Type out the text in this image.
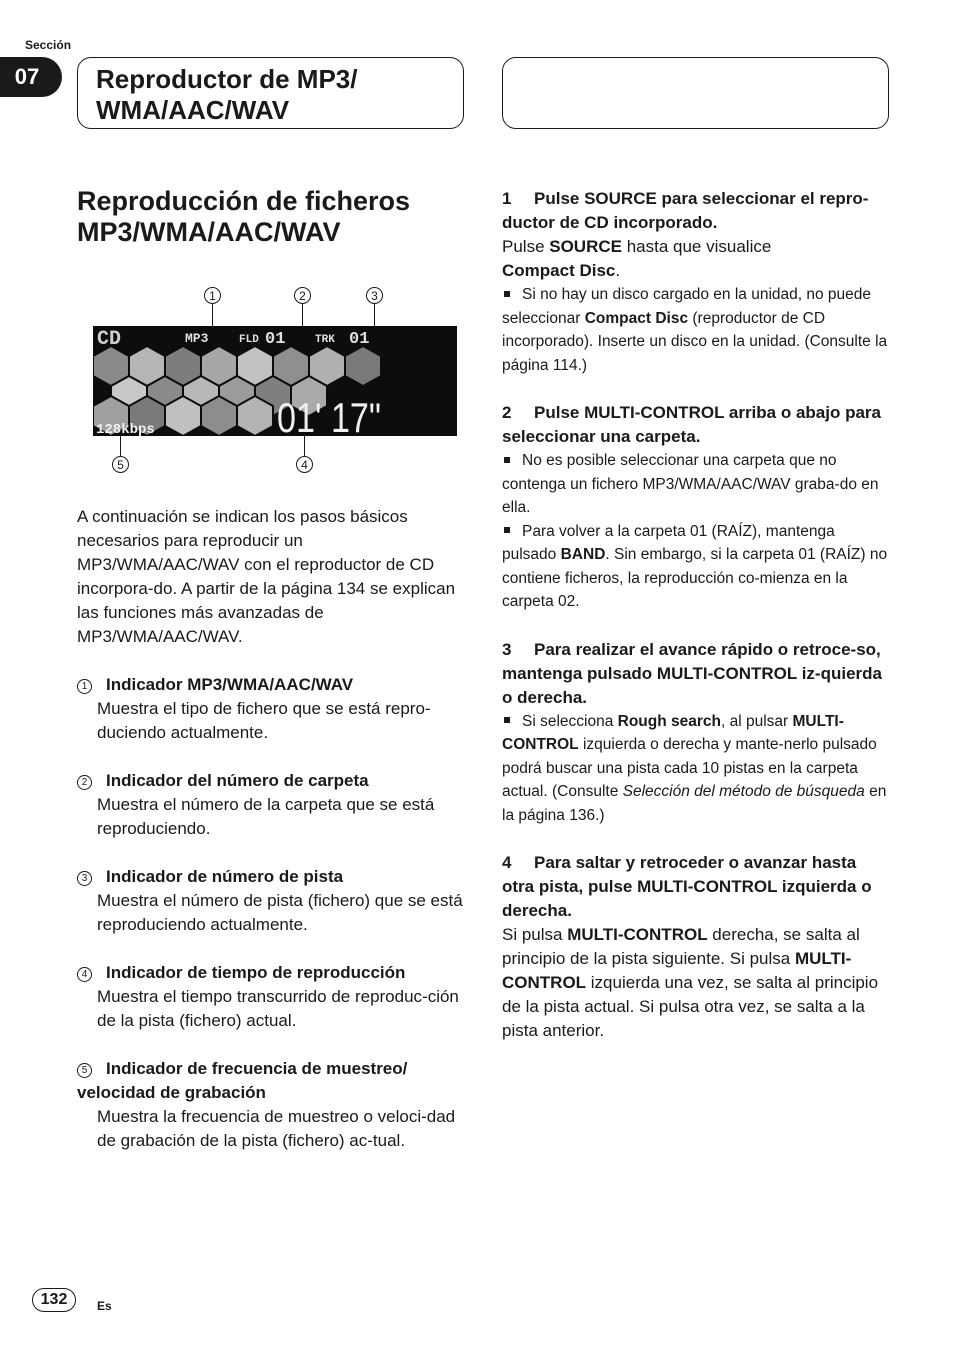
Sección
07	Reproductor de MP3/
WMA/AAC/WAV
Reproducción de ficheros
MP3/WMA/AAC/WAV
1	2	3
CD	MP3	FLD 01	TRK 01
01' 17"
128kbps
5	4

A continuación se indican los pasos básicos necesarios para reproducir un MP3/WMA/AAC/WAV con el reproductor de CD incorpora-do. A partir de la página 134 se explican las funciones más avanzadas de MP3/WMA/AAC/WAV.

1 Indicador MP3/WMA/AAC/WAV
Muestra el tipo de fichero que se está repro-duciendo actualmente.
2 Indicador del número de carpeta
Muestra el número de la carpeta que se está reproduciendo.
3 Indicador de número de pista
Muestra el número de pista (fichero) que se está reproduciendo actualmente.
4 Indicador de tiempo de reproducción
Muestra el tiempo transcurrido de reproduc-ción de la pista (fichero) actual.
5 Indicador de frecuencia de muestreo/ velocidad de grabación
Muestra la frecuencia de muestreo o veloci-dad de grabación de la pista (fichero) ac-tual.
1 Pulse SOURCE para seleccionar el repro-ductor de CD incorporado.

Pulse SOURCE hasta que visualice
Compact Disc.

Si no hay un disco cargado en la unidad, no puede seleccionar Compact Disc (reproductor de CD incorporado). Inserte un disco en la unidad. (Consulte la página 114.)

2 Pulse MULTI-CONTROL arriba o abajo para seleccionar una carpeta.

No es posible seleccionar una carpeta que no contenga un fichero MP3/WMA/AAC/WAV graba-do en ella.

Para volver a la carpeta 01 (RAÍZ), mantenga pulsado BAND. Sin embargo, si la carpeta 01 (RAÍZ) no contiene ficheros, la reproducción co-mienza en la carpeta 02.

3 Para realizar el avance rápido o retroce-so, mantenga pulsado MULTI-CONTROL iz-quierda o derecha.

Si selecciona Rough search, al pulsar MULTI-CONTROL izquierda o derecha y mante-nerlo pulsado podrá buscar una pista cada 10 pistas en la carpeta actual. (Consulte Selección del método de búsqueda en la página 136.)

4 Para saltar y retroceder o avanzar hasta otra pista, pulse MULTI-CONTROL izquierda o derecha.

Si pulsa MULTI-CONTROL derecha, se salta al principio de la pista siguiente. Si pulsa MULTI-CONTROL izquierda una vez, se salta al principio de la pista actual. Si pulsa otra vez, se salta a la pista anterior.

132	Es
